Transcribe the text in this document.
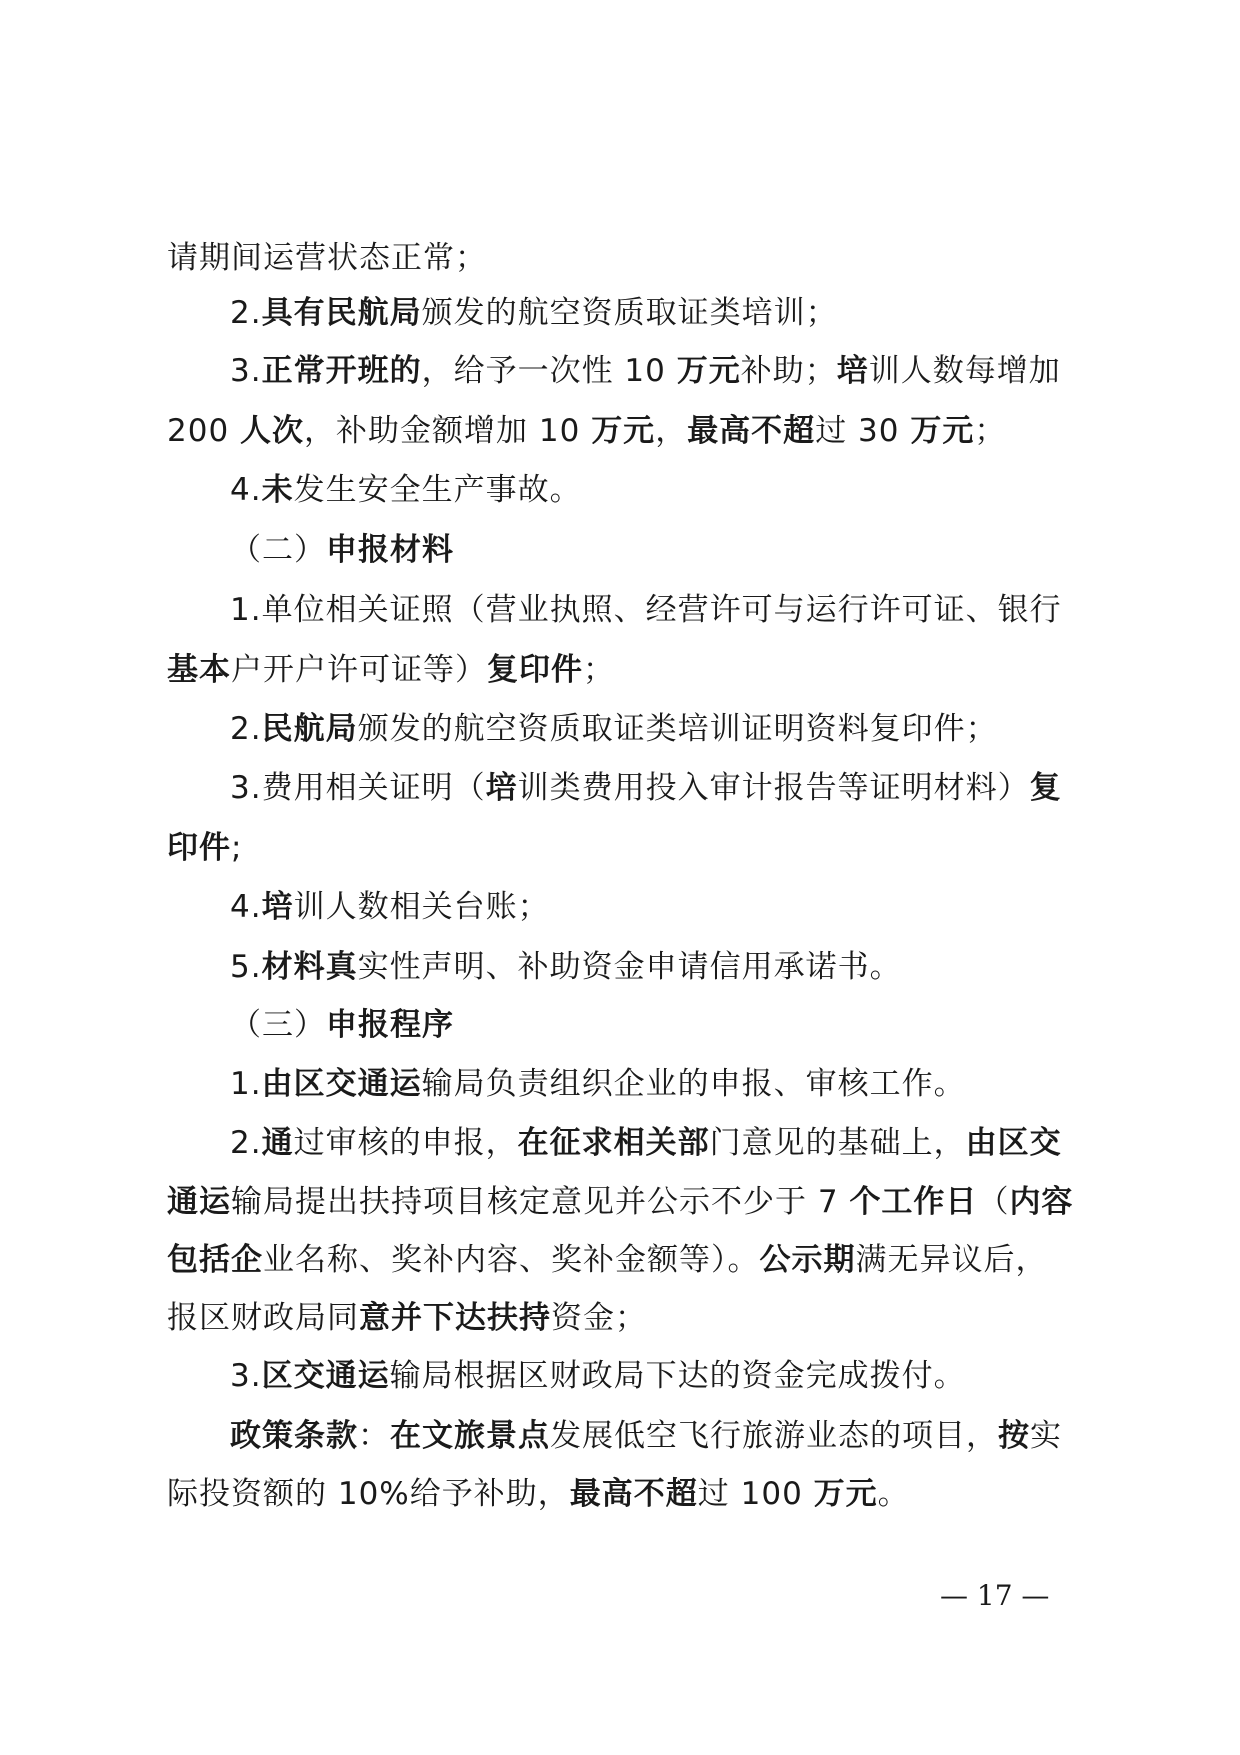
请期间运营状态正常；
2.具有民航局颁发的航空资质取证类培训；
3.正常开班的，给予一次性 10 万元补助；培训人数每增加
200 人次，补助金额增加 10 万元，最高不超过 30 万元；
4.未发生安全生产事故。
（二）申报材料
1.单位相关证照（营业执照、经营许可与运行许可证、银行
基本户开户许可证等）复印件；
2.民航局颁发的航空资质取证类培训证明资料复印件；
3.费用相关证明（培训类费用投入审计报告等证明材料）复
印件;
4.培训人数相关台账；
5.材料真实性声明、补助资金申请信用承诺书。
（三）申报程序
1.由区交通运输局负责组织企业的申报、审核工作。
2.通过审核的申报，在征求相关部门意见的基础上，由区交
通运输局提出扶持项目核定意见并公示不少于 7 个工作日（内容
包括企业名称、奖补内容、奖补金额等）。公示期满无异议后，
报区财政局同意并下达扶持资金；
3.区交通运输局根据区财政局下达的资金完成拨付。
政策条款：在文旅景点发展低空飞行旅游业态的项目，按实
际投资额的 10%给予补助，最高不超过 100 万元。
— 17 —
